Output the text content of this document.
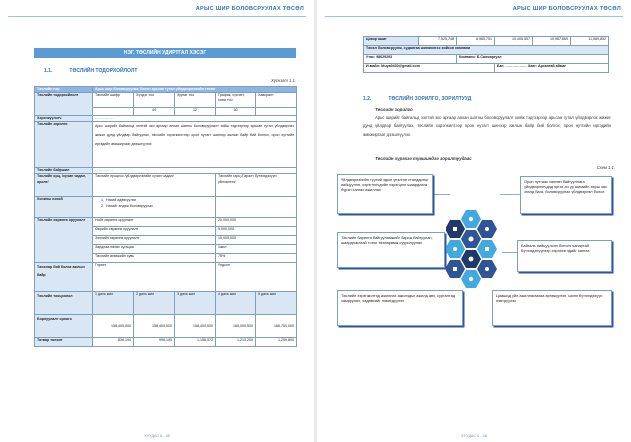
АРЫС ШИР БОЛОВСРУУЛАХ ТӨСӨЛ
НЭГ. ТӨСЛИЙН УДИРТГАЛ ХЭСЭГ
1.1.	ТӨСЛИЙН ТОДОРХОЙЛОЛТ
Хүснэгт 1.1.
Төслийн нэр	Арьс шир боловсруулах болон арьсан гутал үйлдвэрлэлийн төсөл				
Төслийн тодорхойлолт	Төслийн шифр	Хүчдэг тоо	Зургаг тоо	График, хүснэгт, схем тоо	Хавсралт
		44	12	30	
Хэрэгжүүлэгч	……………				
Төслийн зорилго	Арьс ширийг байгальд ээлтэй эко аргаар анхан шатны боловсруулалт хийж тэдгээрээр арьсан гутал үйлдвэрлэх жижиг дунд үйлдвэр байгуулах, төслийн хэрэгжилтээр орон нутагт шинээр ажлын байр бий болгох, орон нутгийн иргэдийн амьжиргааг дээшлүүлэх				
Төслийн байршил	……………				
Төслийн орц, /хүчин чадал, оролт/	Төслийн процесс /үйлдвэрлэлийн хүчин чадал/			Төслийн гарц /Гарaлт бүтээгдэхүүн, үйлчилгээ/	
Хонины нэхий	1.  Нэхий идэвхүүлэх
2.  Нэхийг элдэж боловсруулах				

Төслийн хөрөнгө оруулалт	Нийт хөрөнгө оруулалт			20,000,000	
	Өөрийн хөрөнгө оруулалт			5,000,000	
	Зээлийн хөрөнгө оруулалт			15,000,000	
	Зардлаа нөхөх хугацаа			1жил	
	Төслийн өгөөжийн хувь			78%	
Төсөлөр бий болох ажлын байр	Гэрээт			Үндсэн	
Төслийн тооцоолол	1 дахь жил	2 дахь жил	3 дахь жил	4 дахь жил	5 дахь жил
Борлуулалт орлого	158,400,000	158,400,000	158,400,000	165,000,500	166,760,000
Татвар төлөлт	836,194	996,195	1,156,373	1,213,200	1,259,890
ХУУДАС 6 - 46
АРЫС ШИР БОЛОВСРУУЛАХ ТӨСӨЛ
Цэвэр ашиг	7,525,748	8,965,751	10,405,557	10,987,669	11,589,852
Төсөл боловсруулж, судалгаа шинжилгээ хийсэн компани					
Утас: 98629293		Компани: Б.Санжаргуэл			
И-майл: btuya0430@gmail.com			Баг: ……………… Хаяг: Архангай аймаг		
1.2.	ТӨСЛИЙН ЗОРИЛГО, ЗОРИЛТУУД
Төслийн зорилго
Арьс ширийг байгальд ээлтэй эко аргаар анхан шатны боловсруулалт хийж тэдгээрээр арьсан гутал үйлдвэрлэх жижиг дунд үйлдвэр байгуулах, төслийн хэрэгжилтээр орон нутагт шинээр ажлын байр бий болгох, орон нутгийн иргэдийн амьжиргааг дээшлүүлэх.
Төслийн хүрэхээ түвшиндээ зорилтуудаас
Схем 1.1.
Үйлдвэрлэлийн түүхий эдын үнэлгэн стандартыг нийцүүлэн, хэрэглэгчдийн хэрэгцээг шаардлага бүрэн хангах ажиллах
Орон нутгаас хөхнөн байгууллага үйлдвэрлэгчдэд эргэх ач үр шимийн хөрш зах зээлд бага, боловсруулах үйлдвэрлэл болох
Төслийн барилга байгууламжийг барьж байгуулан, шаардлагатай тоног төхөөрөмж суурилуулах
Байгаль нийцүүлсэн бологч чанартай бүтээгдэхүүнээр хэрэглэгчдийг хангах
Төслийн хэрэгжилтэд ажиллах ажилчдыг ажилд авч, сургалтад хамруулах, чадавхийг нэмэгдүүлэх
Цаашид үйл ажиллагаагаа өргөжүүлэн, шинэ бүтээгдэхүүн нэвтрүүлэх
ХУУДАС 6 - 46
